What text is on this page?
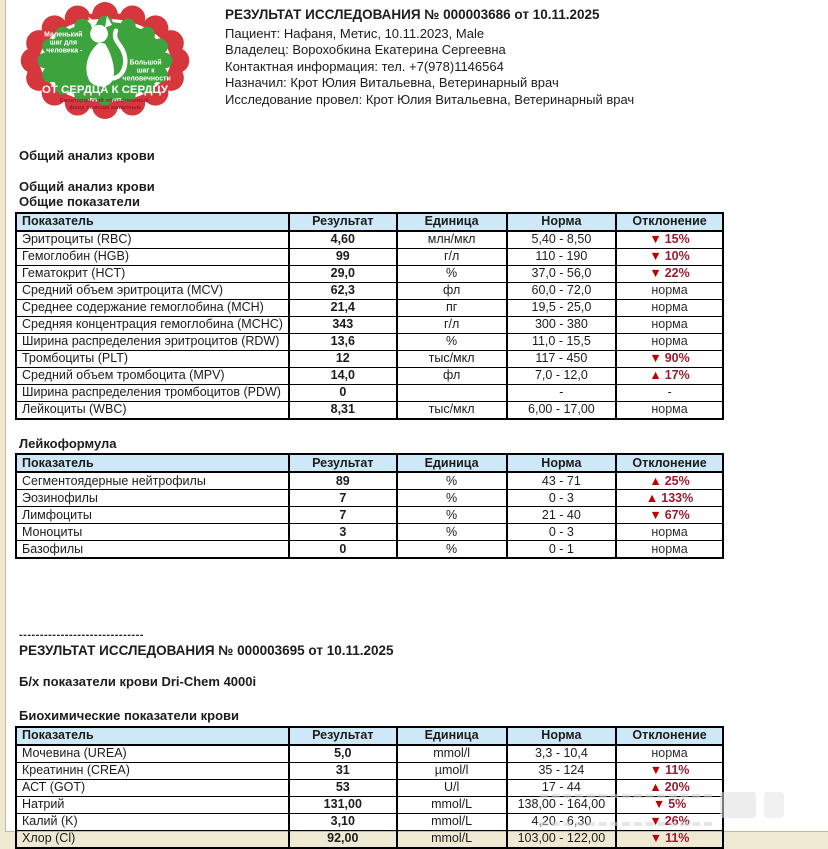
Маленький шаг для человека -
Большой шаг к человечности
ОТ СЕРДЦА К СЕРДЦУ
Евпаторийский общественный фонд помощи животным
РЕЗУЛЬТАТ ИССЛЕДОВАНИЯ № 000003686 от 10.11.2025
Пациент: Нафаня, Метис, 10.11.2023, Male
Владелец: Ворохобкина Екатерина Сергеевна
Контактная информация: тел. +7(978)1146564
Назначил: Крот Юлия Витальевна, Ветеринарный врач
Исследование провел: Крот Юлия Витальевна, Ветеринарный врач
Общий анализ крови
Общий анализ крови
Общие показатели
Показатель	Результат	Единица	Норма	Отклонение
Эритроциты (RBC)	4,60	млн/мкл	5,40 - 8,50	▼ 15%
Гемоглобин (HGB)	99	г/л	110 - 190	▼ 10%
Гематокрит (HCT)	29,0	%	37,0 - 56,0	▼ 22%
Средний объем эритроцита (MCV)	62,3	фл	60,0 - 72,0	норма
Среднее содержание гемоглобина (MCH)	21,4	пг	19,5 - 25,0	норма
Средняя концентрация гемоглобина (MCHC)	343	г/л	300 - 380	норма
Ширина распределения эритроцитов (RDW)	13,6	%	11,0 - 15,5	норма
Тромбоциты (PLT)	12	тыс/мкл	117 - 450	▼ 90%
Средний объем тромбоцита (MPV)	14,0	фл	7,0 - 12,0	▲ 17%
Ширина распределения тромбоцитов (PDW)	0		-	-
Лейкоциты (WBC)	8,31	тыс/мкл	6,00 - 17,00	норма
Лейкоформула
Показатель	Результат	Единица	Норма	Отклонение
Сегментоядерные нейтрофилы	89	%	43 - 71	▲ 25%
Эозинофилы	7	%	0 - 3	▲ 133%
Лимфоциты	7	%	21 - 40	▼ 67%
Моноциты	3	%	0 - 3	норма
Базофилы	0	%	0 - 1	норма
------------------------------
РЕЗУЛЬТАТ ИССЛЕДОВАНИЯ № 000003695 от 10.11.2025
Б/х показатели крови Dri-Chem 4000i
Биохимические показатели крови
Показатель	Результат	Единица	Норма	Отклонение
Мочевина (UREA)	5,0	mmol/l	3,3 - 10,4	норма
Креатинин (CREA)	31	µmol/l	35 - 124	▼ 11%
АСТ (GOT)	53	U/l	17 - 44	▲ 20%
Натрий	131,00	mmol/L	138,00 - 164,00	▼ 5%
Калий (K)	3,10	mmol/L	4,20 - 6,30	▼ 26%
Хлор (Cl)	92,00	mmol/L	103,00 - 122,00	▼ 11%
